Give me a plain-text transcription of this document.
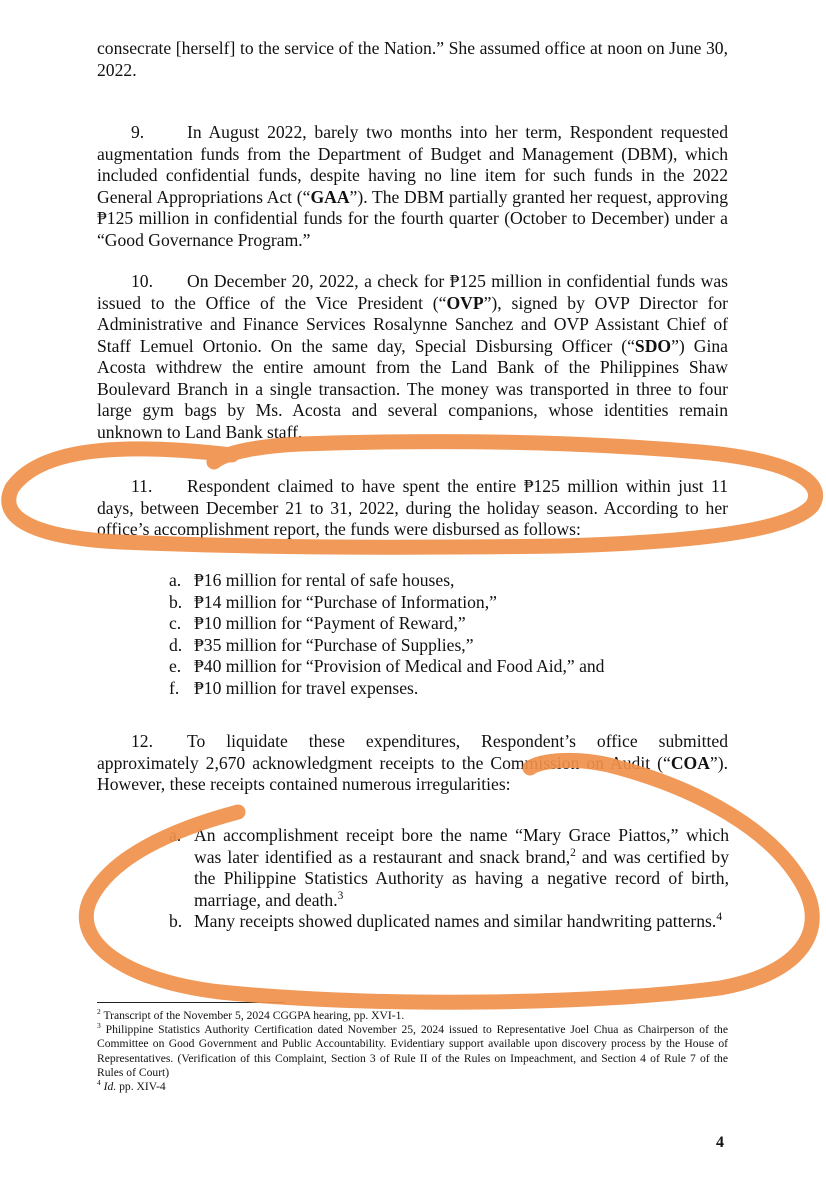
consecrate [herself] to the service of the Nation.” She assumed office at noon on June 30, 2022.

9. In August 2022, barely two months into her term, Respondent requested augmentation funds from the Department of Budget and Management (DBM), which included confidential funds, despite having no line item for such funds in the 2022 General Appropriations Act (“GAA”). The DBM partially granted her request, approving ₱125 million in confidential funds for the fourth quarter (October to December) under a “Good Governance Program.”

10. On December 20, 2022, a check for ₱125 million in confidential funds was issued to the Office of the Vice President (“OVP”), signed by OVP Director for Administrative and Finance Services Rosalynne Sanchez and OVP Assistant Chief of Staff Lemuel Ortonio. On the same day, Special Disbursing Officer (“SDO”) Gina Acosta withdrew the entire amount from the Land Bank of the Philippines Shaw Boulevard Branch in a single transaction. The money was transported in three to four large gym bags by Ms. Acosta and several companions, whose identities remain unknown to Land Bank staff.

11. Respondent claimed to have spent the entire ₱125 million within just 11 days, between December 21 to 31, 2022, during the holiday season. According to her office’s accomplishment report, the funds were disbursed as follows:

a. ₱16 million for rental of safe houses,
b. ₱14 million for “Purchase of Information,”
c. ₱10 million for “Payment of Reward,”
d. ₱35 million for “Purchase of Supplies,”
e. ₱40 million for “Provision of Medical and Food Aid,” and
f. ₱10 million for travel expenses.

12. To liquidate these expenditures, Respondent’s office submitted approximately 2,670 acknowledgment receipts to the Commission on Audit (“COA”). However, these receipts contained numerous irregularities:

a. An accomplishment receipt bore the name “Mary Grace Piattos,” which was later identified as a restaurant and snack brand,$^2$ and was certified by the Philippine Statistics Authority as having a negative record of birth, marriage, and death.$^3$
b. Many receipts showed duplicated names and similar handwriting patterns.$^4$

$^2$ Transcript of the November 5, 2024 CGGPA hearing, pp. XVI-1.

$^3$ Philippine Statistics Authority Certification dated November 25, 2024 issued to Representative Joel Chua as Chairperson of the Committee on Good Government and Public Accountability. Evidentiary support available upon discovery process by the House of Representatives. (Verification of this Complaint, Section 3 of Rule II of the Rules on Impeachment, and Section 4 of Rule 7 of the Rules of Court)

$^4$ Id. pp. XIV-4

4
